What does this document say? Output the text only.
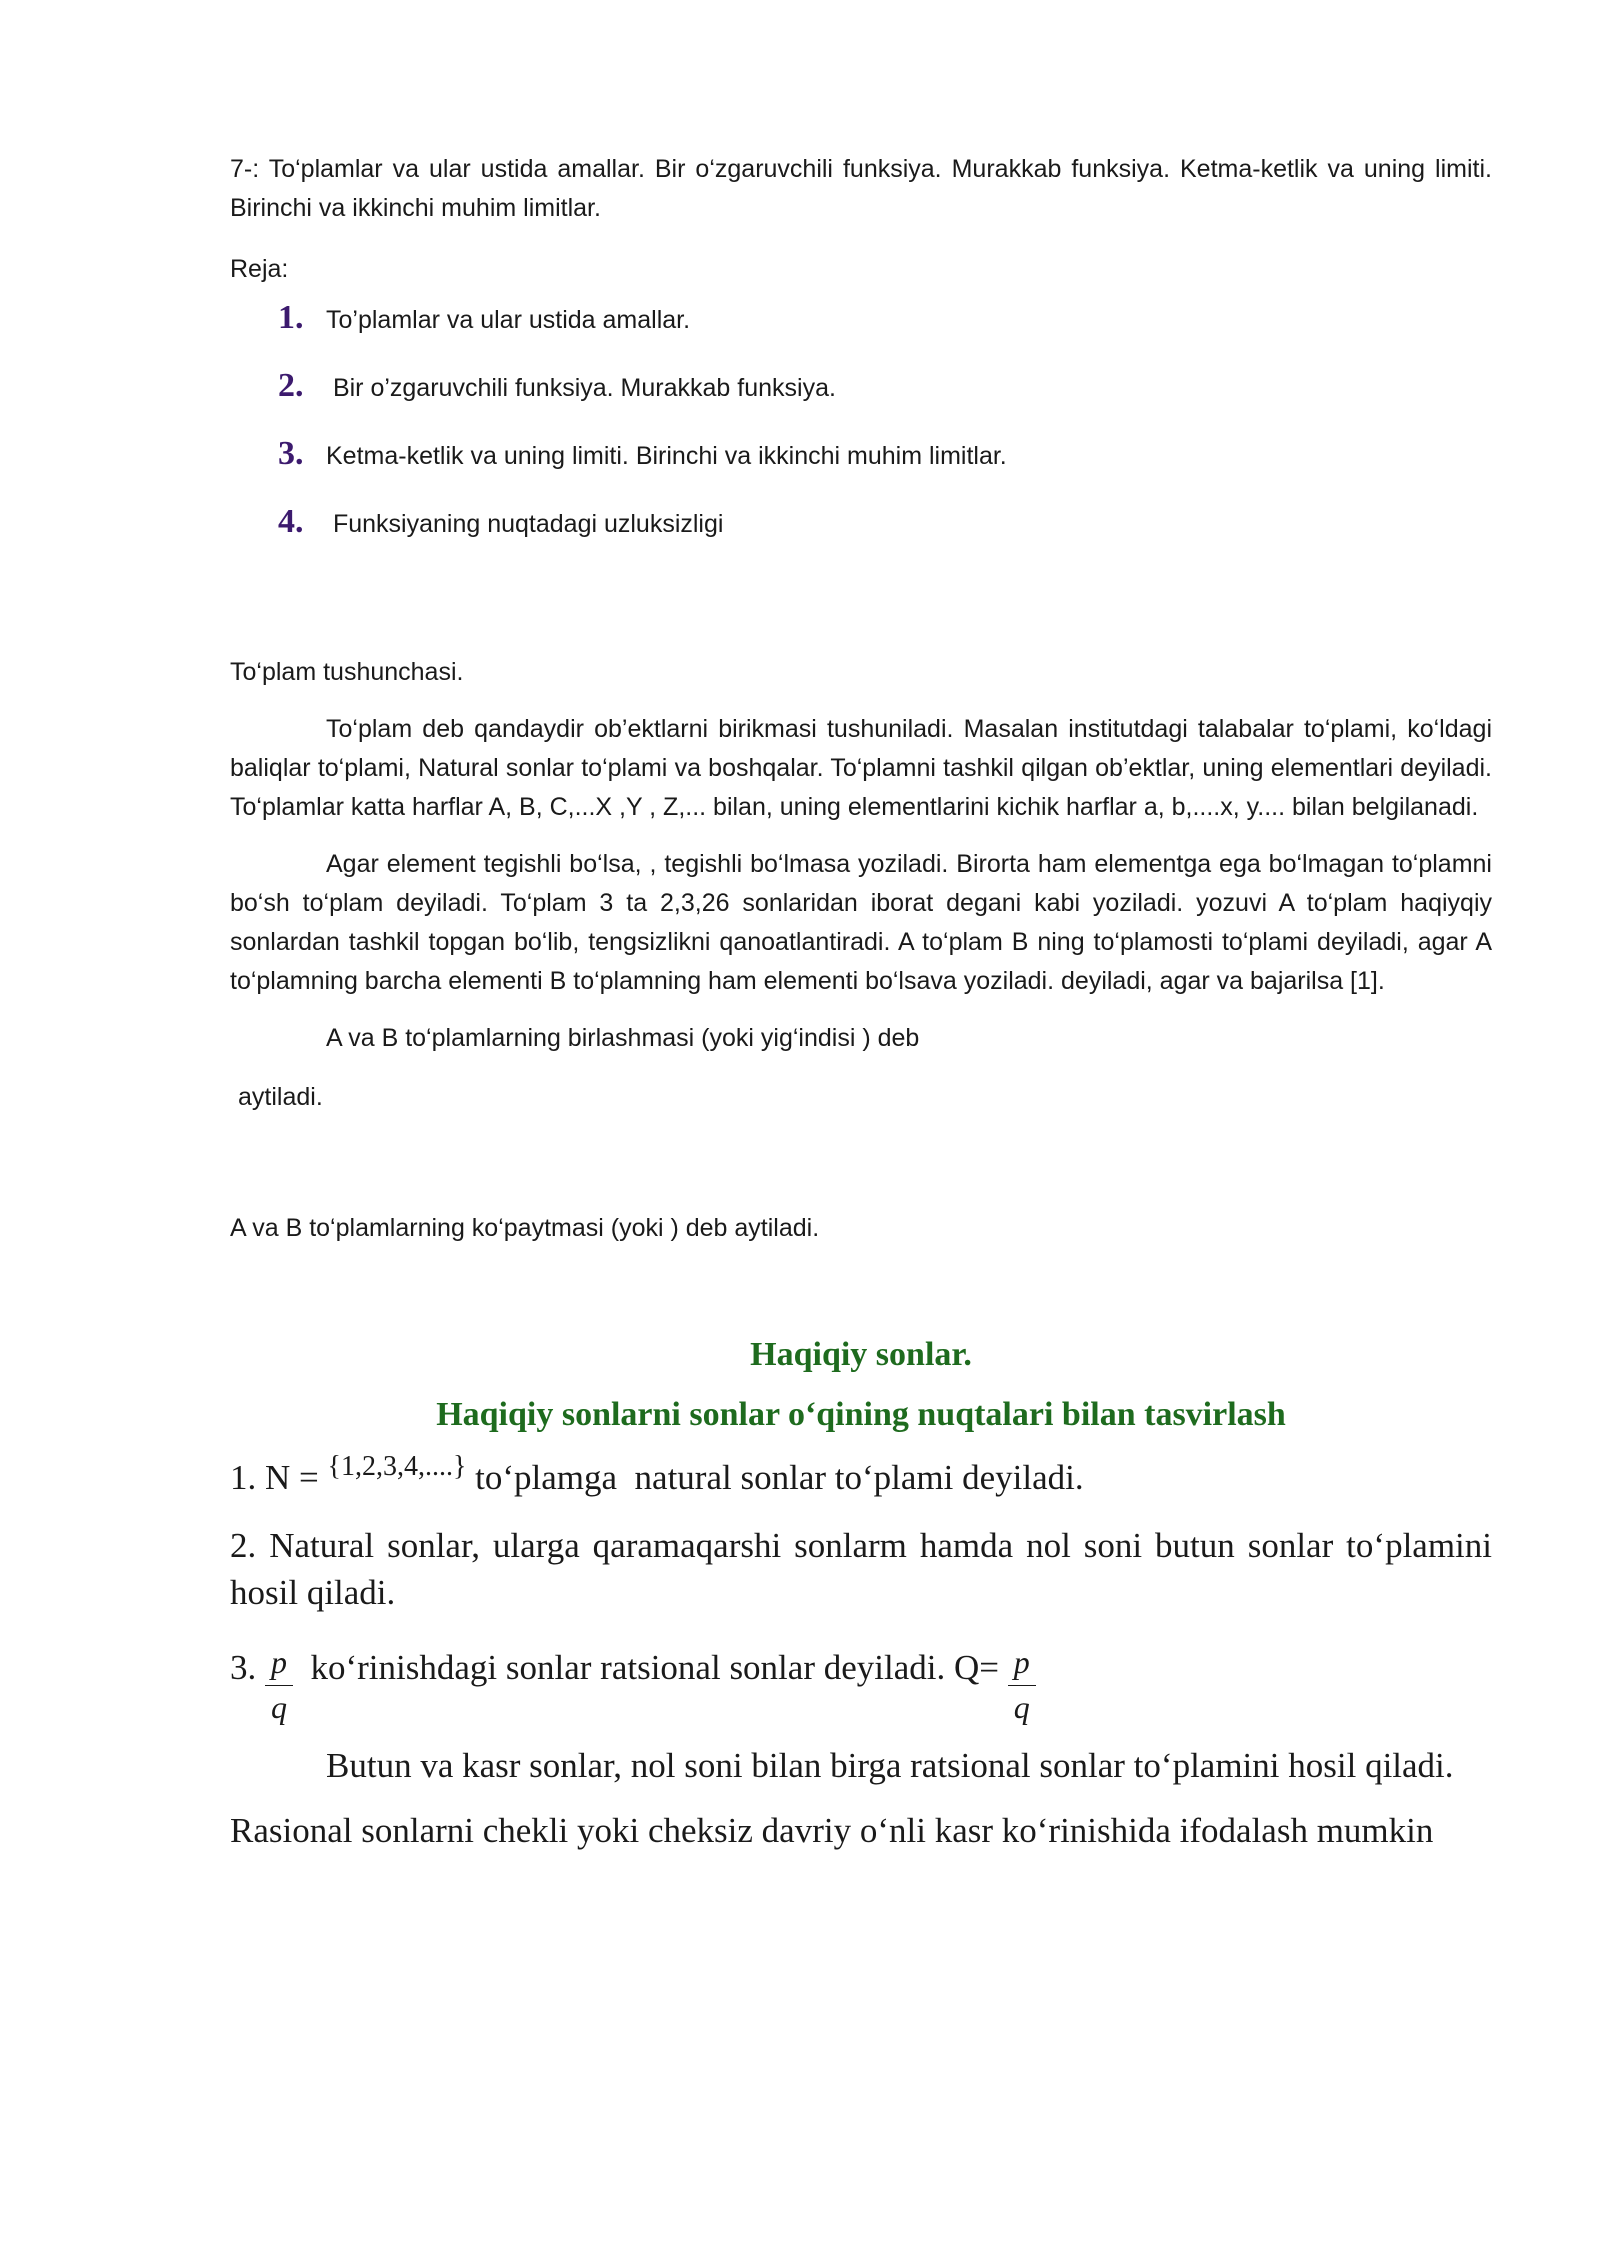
7-: To‘plamlar va ular ustida amallar. Bir o‘zgaruvchili funksiya. Murakkab funksiya. Ketma-ketlik va uning limiti. Birinchi va ikkinchi muhim limitlar.

Reja:

1. To’plamlar va ular ustida amallar.
2. Bir o’zgaruvchili funksiya. Murakkab funksiya.
3. Ketma-ketlik va uning limiti. Birinchi va ikkinchi muhim limitlar.
4. Funksiyaning nuqtadagi uzluksizligi

To‘plam tushunchasi.

To‘plam deb qandaydir ob’ektlarni birikmasi tushuniladi. Masalan institutdagi talabalar to‘plami, ko‘ldagi baliqlar to‘plami, Natural sonlar to‘plami va boshqalar. To‘plamni tashkil qilgan ob’ektlar, uning elementlari deyiladi. To‘plamlar katta harflar A, B, C,...X ,Y , Z,... bilan, uning elementlarini kichik harflar a, b,....x, y.... bilan belgilanadi.

Agar element tegishli bo‘lsa, , tegishli bo‘lmasa yoziladi. Birorta ham elementga ega bo‘lmagan to‘plamni bo‘sh to‘plam deyiladi. To‘plam 3 ta 2,3,26 sonlaridan iborat degani kabi yoziladi. yozuvi A to‘plam haqiyqiy sonlardan tashkil topgan bo‘lib, tengsizlikni qanoatlantiradi. A to‘plam B ning to‘plamosti to‘plami deyiladi, agar A to‘plamning barcha elementi B to‘plamning ham elementi bo‘lsava yoziladi. deyiladi, agar va bajarilsa [1].

A va B to‘plamlarning birlashmasi (yoki yig‘indisi ) deb

aytiladi.

A va B to‘plamlarning ko‘paytmasi (yoki ) deb aytiladi.

Haqiqiy sonlar.

Haqiqiy sonlarni sonlar o‘qining nuqtalari bilan tasvirlash

1. N = $^{\{1,2,3,4,....\}}$ to‘plamga  natural sonlar to‘plami deyiladi.

2. Natural sonlar, ularga qaramaqarshi sonlarm hamda nol soni butun sonlar to‘plamini hosil qiladi.

3. $\frac{p}{q}$ ko‘rinishdagi sonlar ratsional sonlar deyiladi. $Q= \frac{p}{q}$

Butun va kasr sonlar, nol soni bilan birga ratsional sonlar to‘plamini hosil qiladi.

Rasional sonlarni chekli yoki cheksiz davriy o‘nli kasr ko‘rinishida ifodalash mumkin
